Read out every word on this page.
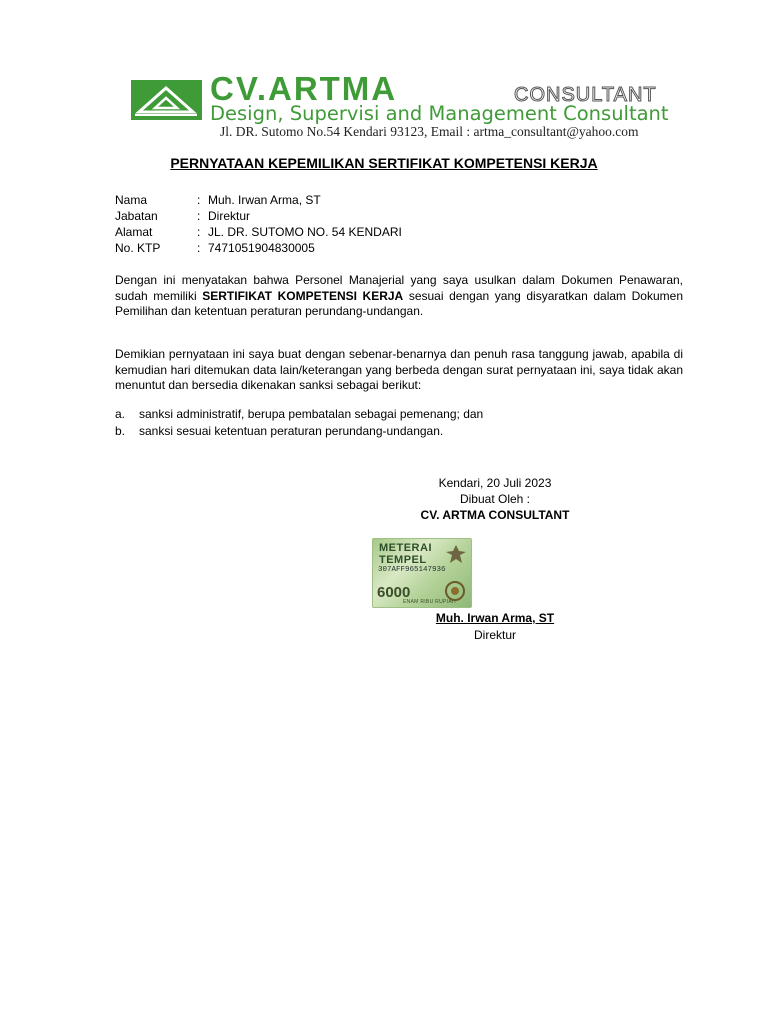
CV.ARTMA	CONSULTANT
Design, Supervisi and Management Consultant
Jl. DR. Sutomo No.54 Kendari 93123, Email : artma_consultant@yahoo.com
PERNYATAAN KEPEMILIKAN SERTIFIKAT KOMPETENSI KERJA
Nama	: Muh. Irwan Arma, ST
Jabatan	: Direktur
Alamat	: JL. DR. SUTOMO NO. 54 KENDARI
No. KTP	: 7471051904830005
Dengan ini menyatakan bahwa Personel Manajerial yang saya usulkan dalam Dokumen Penawaran, sudah memiliki SERTIFIKAT KOMPETENSI KERJA sesuai dengan yang disyaratkan dalam Dokumen Pemilihan dan ketentuan peraturan perundang-undangan.
Demikian pernyataan ini saya buat dengan sebenar-benarnya dan penuh rasa tanggung jawab, apabila di kemudian hari ditemukan data lain/keterangan yang berbeda dengan surat pernyataan ini, saya tidak akan menuntut dan bersedia dikenakan sanksi sebagai berikut:
a. sanksi administratif, berupa pembatalan sebagai pemenang; dan
b. sanksi sesuai ketentuan peraturan perundang-undangan.
Kendari, 20 Juli 2023
Dibuat Oleh :
CV. ARTMA CONSULTANT
METERAI TEMPEL
307AFF965147936
6000
ENAM RIBU RUPIAH
Muh. Irwan Arma, ST
Direktur
